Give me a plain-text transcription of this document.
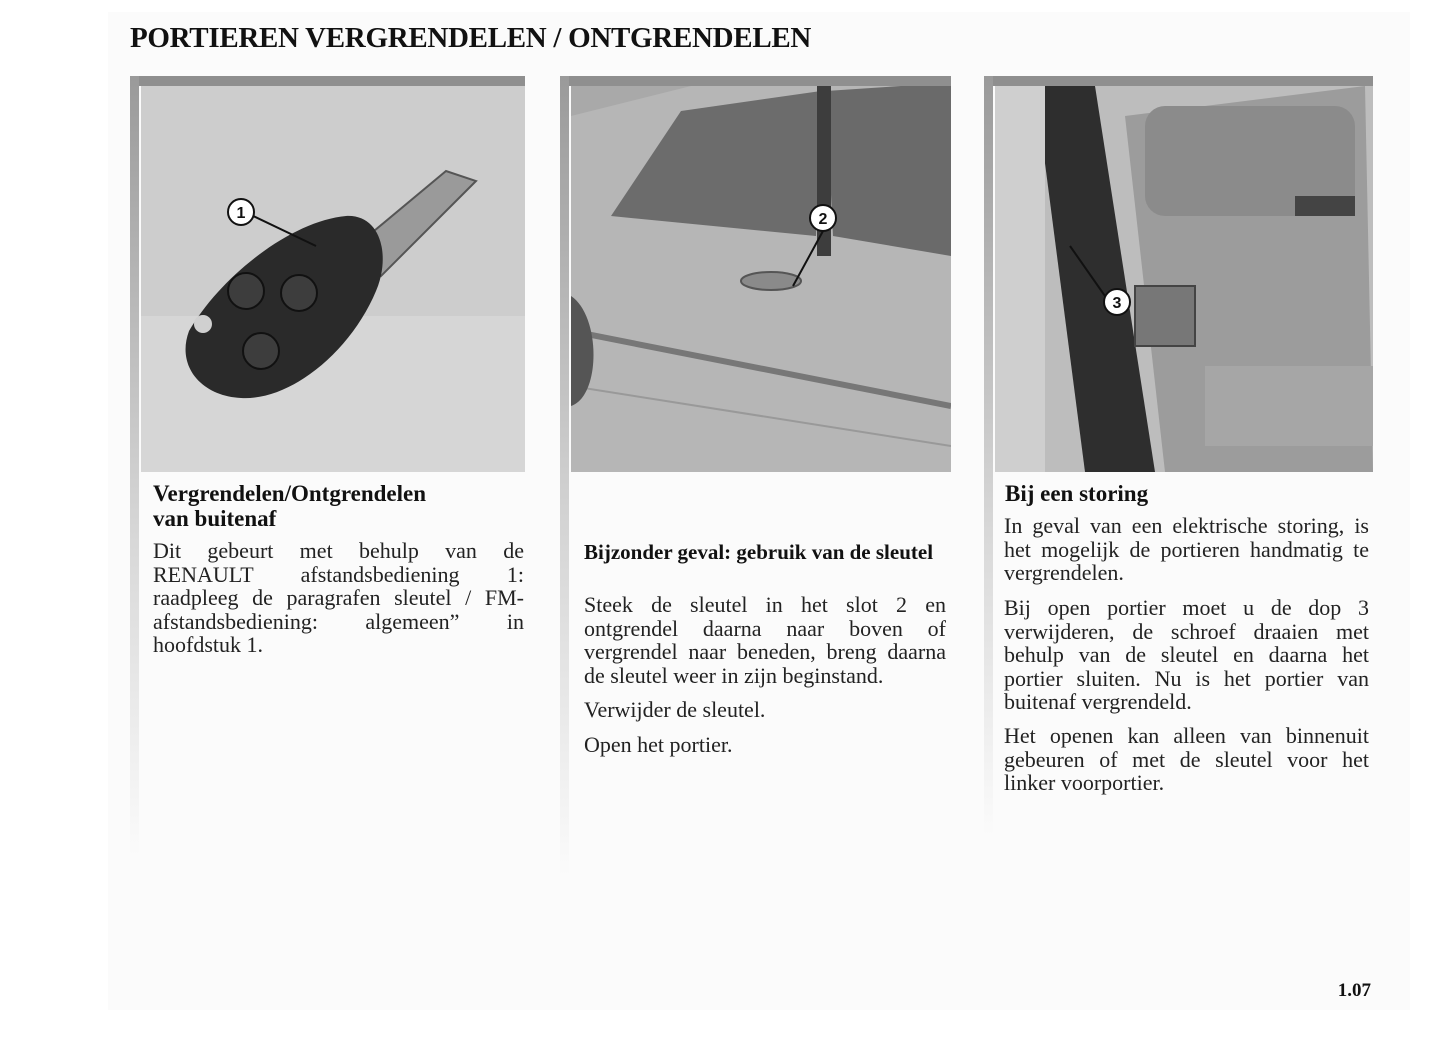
PORTIEREN VERGRENDELEN / ONTGRENDELEN
1
Vergrendelen/Ontgrendelen
van buitenaf

Dit gebeurt met behulp van de RENAULT afstandsbediening 1: raadpleeg de paragrafen sleutel / FM-afstandsbediening: algemeen” in hoofdstuk 1.

2
Bijzonder geval: gebruik van de sleutel

Steek de sleutel in het slot 2 en ontgrendel daarna naar boven of vergrendel naar beneden, breng daarna de sleutel weer in zijn beginstand.

Verwijder de sleutel.

Open het portier.

3
Bij een storing

In geval van een elektrische storing, is het mogelijk de portieren handmatig te vergrendelen.

Bij open portier moet u de dop 3 verwijderen, de schroef draaien met behulp van de sleutel en daarna het portier sluiten. Nu is het portier van buitenaf vergrendeld.

Het openen kan alleen van binnenuit gebeuren of met de sleutel voor het linker voorportier.

1.07
